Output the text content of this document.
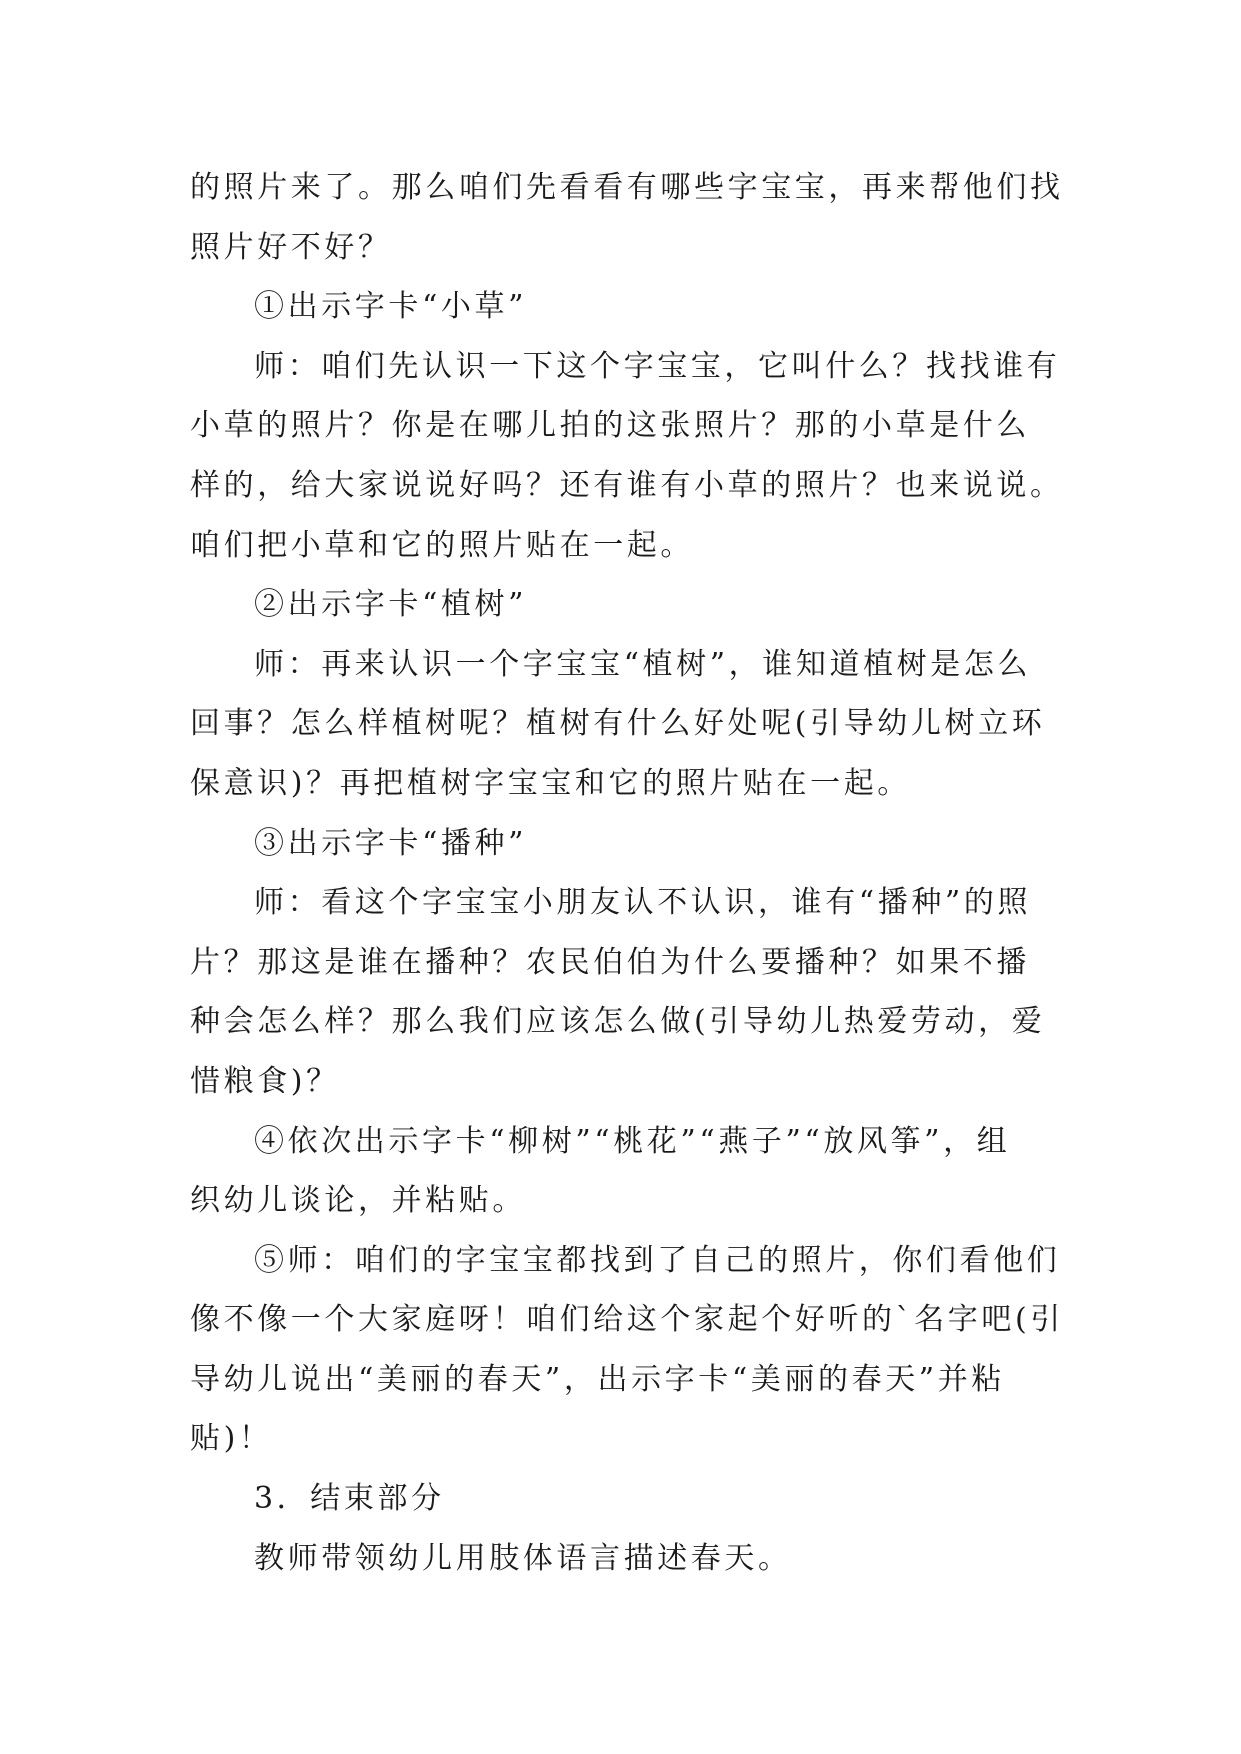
的照片来了。那么咱们先看看有哪些字宝宝，再来帮他们找
照片好不好？
①出示字卡“小草”
师：咱们先认识一下这个字宝宝，它叫什么？找找谁有
小草的照片？你是在哪儿拍的这张照片？那的小草是什么
样的，给大家说说好吗？还有谁有小草的照片？也来说说。
咱们把小草和它的照片贴在一起。
②出示字卡“植树”
师：再来认识一个字宝宝“植树”，谁知道植树是怎么
回事？怎么样植树呢？植树有什么好处呢(引导幼儿树立环
保意识)？再把植树字宝宝和它的照片贴在一起。
③出示字卡“播种”
师：看这个字宝宝小朋友认不认识，谁有“播种”的照
片？那这是谁在播种？农民伯伯为什么要播种？如果不播
种会怎么样？那么我们应该怎么做(引导幼儿热爱劳动，爱
惜粮食)？
④依次出示字卡“柳树”“桃花”“燕子”“放风筝”，组
织幼儿谈论，并粘贴。
⑤师：咱们的字宝宝都找到了自己的照片，你们看他们
像不像一个大家庭呀！咱们给这个家起个好听的`名字吧(引
导幼儿说出“美丽的春天”，出示字卡“美丽的春天”并粘
贴)！
3．结束部分
教师带领幼儿用肢体语言描述春天。
